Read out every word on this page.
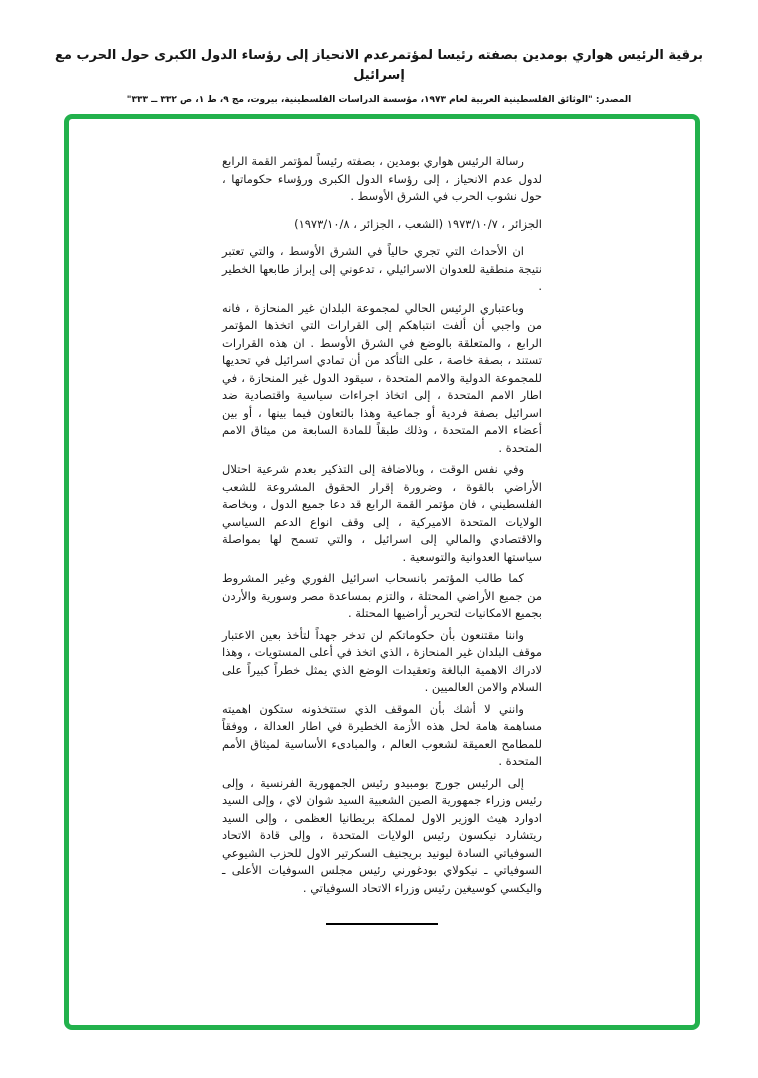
برقية الرئيس هواري بومدين بصفته رئيسا لمؤتمرعدم الانحياز إلى رؤساء الدول الكبرى حول الحرب مع إسرائيل
المصدر: "الوثائق الفلسطينية العربية لعام ١٩٧٣، مؤسسة الدراسات الفلسطينية، بيروت، مج ٩، ط ١، ص ٣٣٢ ــ ٣٣٣"

رسالة الرئيس هواري بومدين ، بصفته رئيساً لمؤتمر القمة الرابع لدول عدم الانحياز ، إلى رؤساء الدول الكبرى ورؤساء حكوماتها ، حول نشوب الحرب في الشرق الأوسط .

الجزائر ، ١٩٧٣/١٠/٧ (الشعب ، الجزائر ، ١٩٧٣/١٠/٨)

ان الأحداث التي تجري حالياً في الشرق الأوسط ، والتي تعتبر نتيجة منطقية للعدوان الاسرائيلي ، تدعوني إلى إبراز طابعها الخطير .

وباعتباري الرئيس الحالي لمجموعة البلدان غير المنحازة ، فانه من واجبي أن ألفت انتباهكم إلى القرارات التي اتخذها المؤتمر الرابع ، والمتعلقة بالوضع في الشرق الأوسط . ان هذه القرارات تستند ، بصفة خاصة ، على التأكد من أن تمادي اسرائيل في تحديها للمجموعة الدولية والامم المتحدة ، سيقود الدول غير المنحازة ، في اطار الامم المتحدة ، إلى اتخاذ اجراءات سياسية واقتصادية ضد اسرائيل بصفة فردية أو جماعية وهذا بالتعاون فيما بينها ، أو بين أعضاء الامم المتحدة ، وذلك طبقاً للمادة السابعة من ميثاق الامم المتحدة .

وفي نفس الوقت ، وبالاضافة إلى التذكير بعدم شرعية احتلال الأراضي بالقوة ، وضرورة إقرار الحقوق المشروعة للشعب الفلسطيني ، فان مؤتمر القمة الرابع قد دعا جميع الدول ، وبخاصة الولايات المتحدة الاميركية ، إلى وقف انواع الدعم السياسي والاقتصادي والمالي إلى اسرائيل ، والتي تسمح لها بمواصلة سياستها العدوانية والتوسعية .

كما طالب المؤتمر بانسحاب اسرائيل الفوري وغير المشروط من جميع الأراضي المحتلة ، والتزم بمساعدة مصر وسورية والأردن بجميع الامكانيات لتحرير أراضيها المحتلة .

واننا مقتنعون بأن حكوماتكم لن تدخر جهداً لتأخذ بعين الاعتبار موقف البلدان غير المنحازة ، الذي اتخذ في أعلى المستويات ، وهذا لادراك الاهمية البالغة وتعقيدات الوضع الذي يمثل خطراً كبيراً على السلام والامن العالميين .

وانني لا أشك بأن الموقف الذي ستتخذونه ستكون اهميته مساهمة هامة لحل هذه الأزمة الخطيرة في اطار العدالة ، ووفقاً للمطامح العميقة لشعوب العالم ، والمبادىء الأساسية لميثاق الأمم المتحدة .

إلى الرئيس جورج بومبيدو رئيس الجمهورية الفرنسية ، وإلى رئيس وزراء جمهورية الصين الشعبية السيد شوان لاي ، وإلى السيد ادوارد هيث الوزير الاول لمملكة بريطانيا العظمى ، وإلى السيد ريتشارد نيكسون رئيس الولايات المتحدة ، وإلى قادة الاتحاد السوفياتي السادة ليونيد بريجنيف السكرتير الاول للحزب الشيوعي السوفياتي ـ نيكولاي بودغورني رئيس مجلس السوفيات الأعلى ـ واليكسي كوسيغين رئيس وزراء الاتحاد السوفياتي .
